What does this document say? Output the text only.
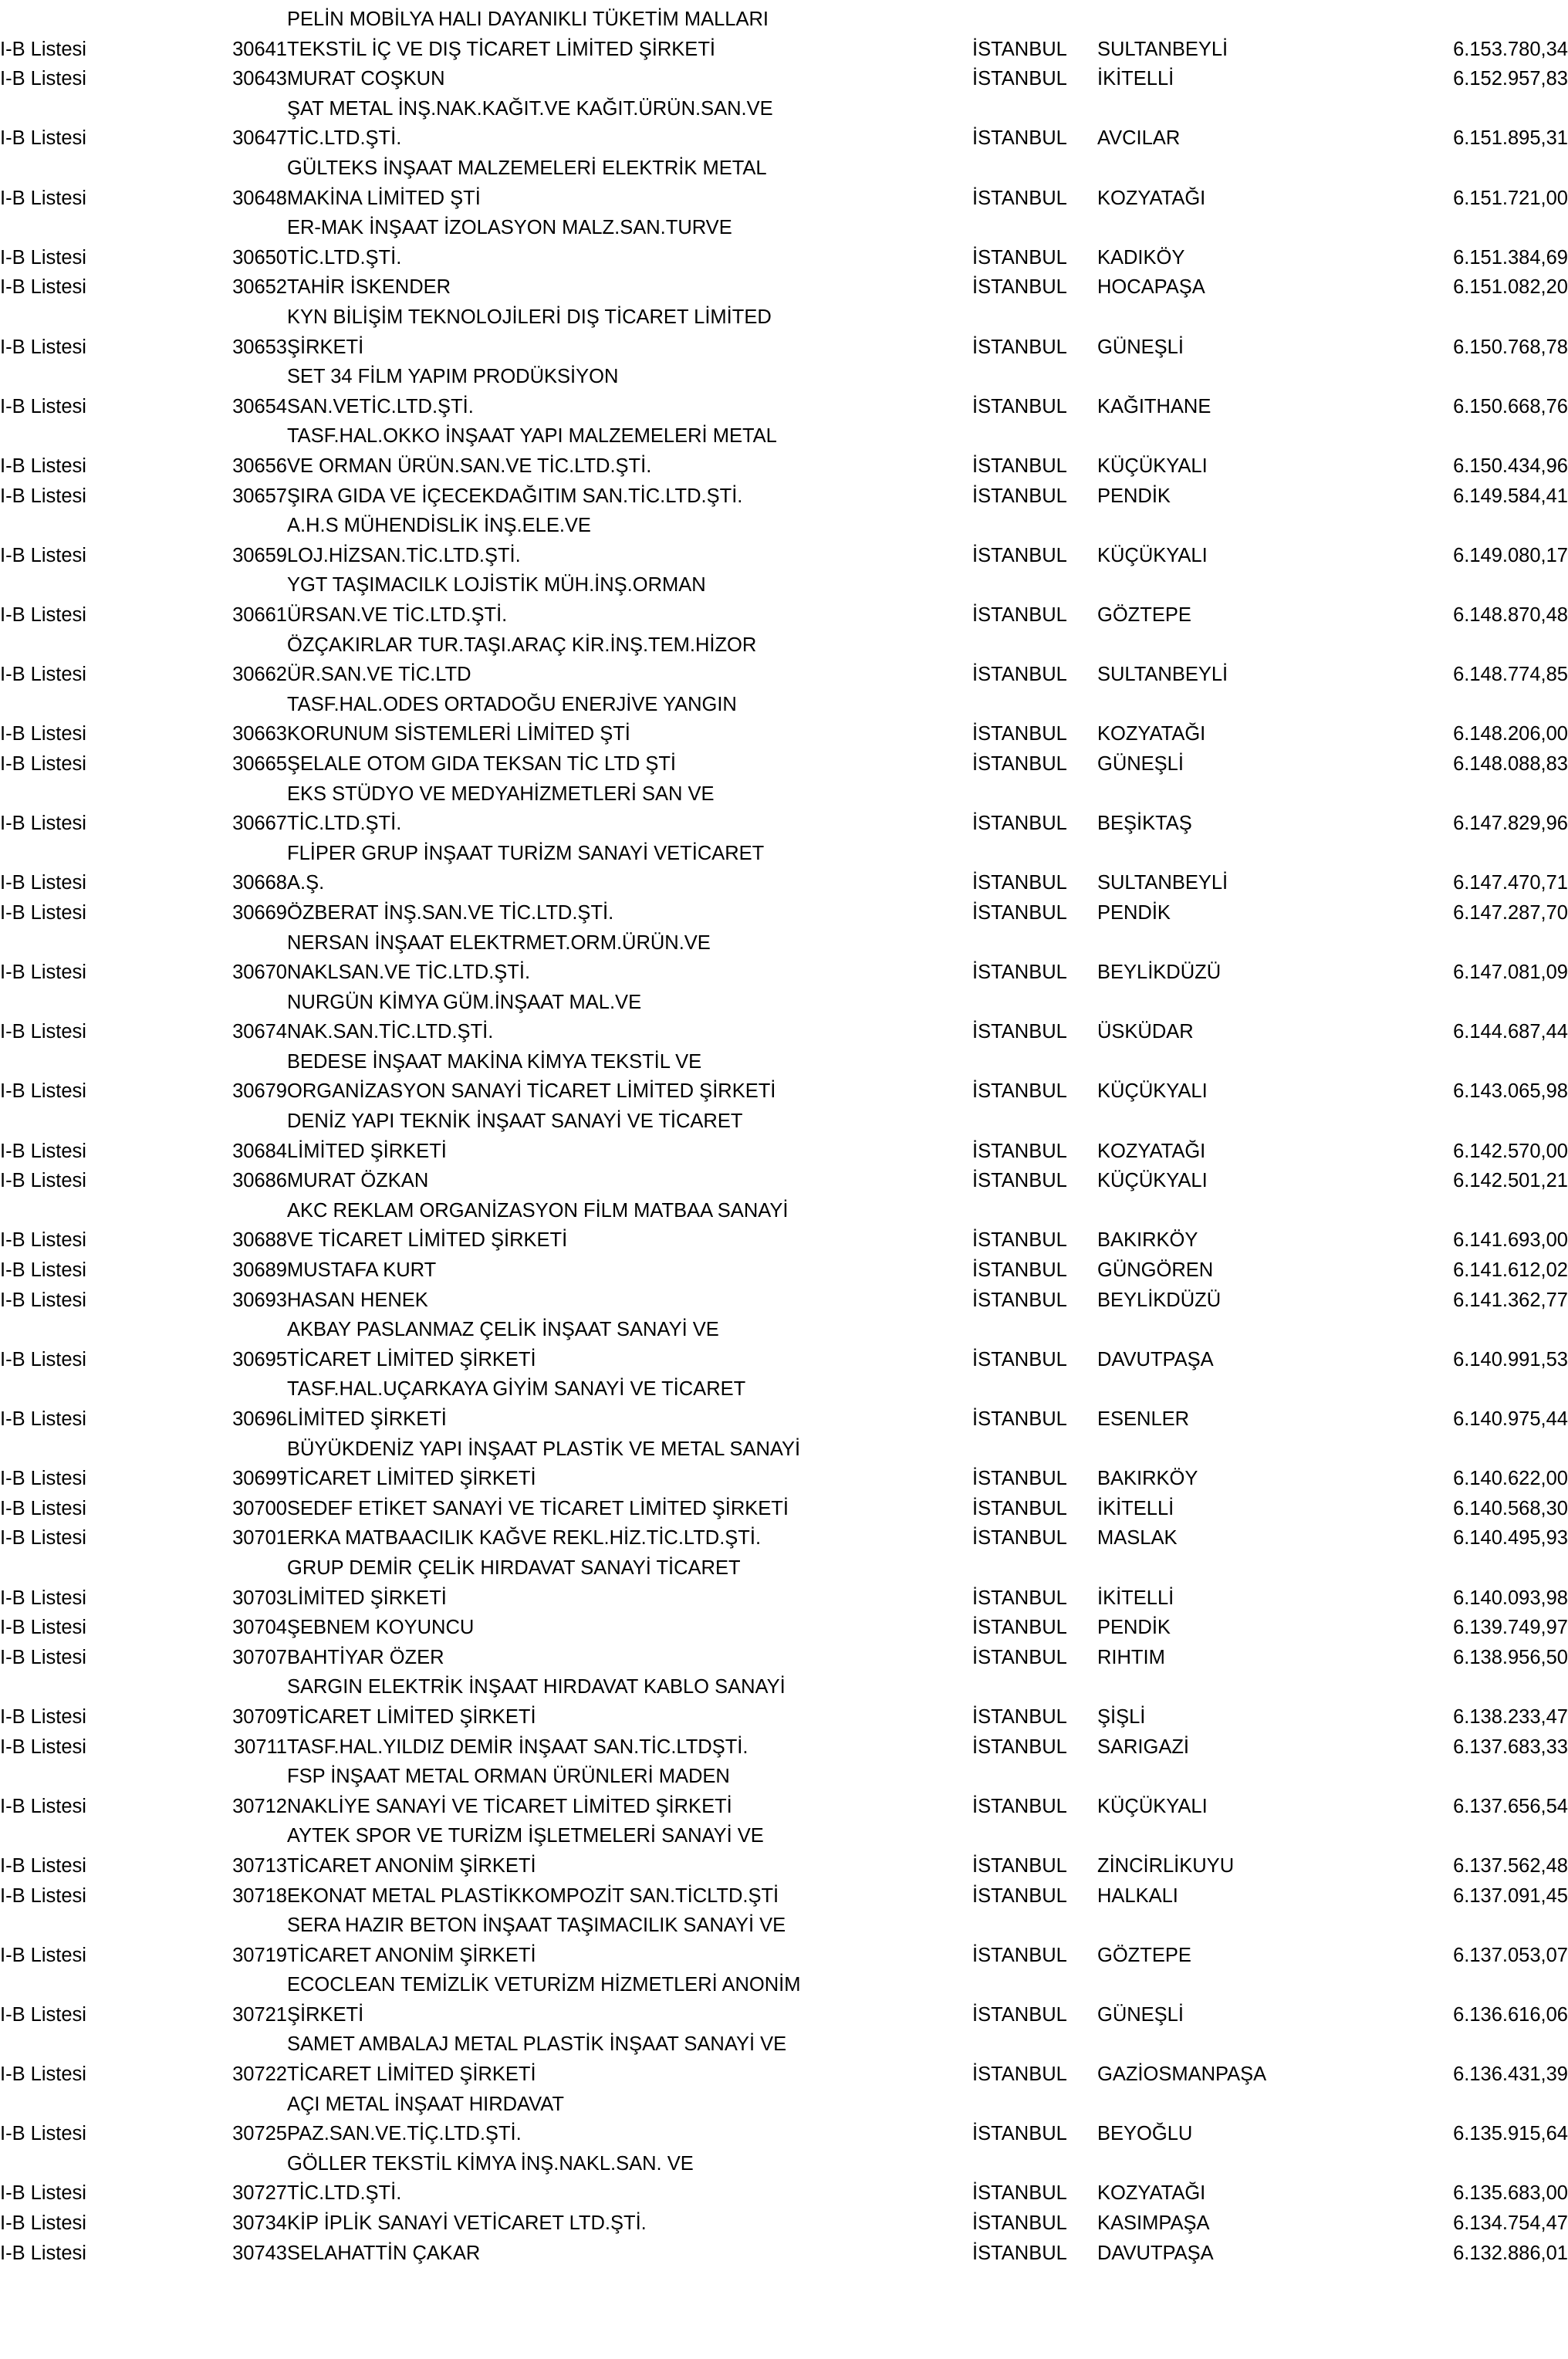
		PELİN MOBİLYA HALI DAYANIKLI TÜKETİM MALLARI			
I-B Listesi	30641	TEKSTİL İÇ VE DIŞ TİCARET LİMİTED ŞİRKETİ	İSTANBUL	SULTANBEYLİ	6.153.780,34
I-B Listesi	30643	MURAT COŞKUN	İSTANBUL	İKİTELLİ	6.152.957,83
		ŞAT METAL İNŞ.NAK.KAĞIT.VE KAĞIT.ÜRÜN.SAN.VE			
I-B Listesi	30647	TİC.LTD.ŞTİ.	İSTANBUL	AVCILAR	6.151.895,31
		GÜLTEKS İNŞAAT MALZEMELERİ ELEKTRİK METAL			
I-B Listesi	30648	MAKİNA LİMİTED ŞTİ	İSTANBUL	KOZYATAĞI	6.151.721,00
		ER-MAK İNŞAAT İZOLASYON MALZ.SAN.TURVE			
I-B Listesi	30650	TİC.LTD.ŞTİ.	İSTANBUL	KADIKÖY	6.151.384,69
I-B Listesi	30652	TAHİR İSKENDER	İSTANBUL	HOCAPAŞA	6.151.082,20
		KYN BİLİŞİM TEKNOLOJİLERİ DIŞ TİCARET LİMİTED			
I-B Listesi	30653	ŞİRKETİ	İSTANBUL	GÜNEŞLİ	6.150.768,78
		SET 34 FİLM YAPIM PRODÜKSİYON			
I-B Listesi	30654	SAN.VETİC.LTD.ŞTİ.	İSTANBUL	KAĞITHANE	6.150.668,76
		TASF.HAL.OKKO İNŞAAT YAPI MALZEMELERİ METAL			
I-B Listesi	30656	VE ORMAN ÜRÜN.SAN.VE TİC.LTD.ŞTİ.	İSTANBUL	KÜÇÜKYALI	6.150.434,96
I-B Listesi	30657	ŞIRA GIDA VE İÇECEKDAĞITIM SAN.TİC.LTD.ŞTİ.	İSTANBUL	PENDİK	6.149.584,41
		A.H.S MÜHENDİSLİK İNŞ.ELE.VE			
I-B Listesi	30659	LOJ.HİZSAN.TİC.LTD.ŞTİ.	İSTANBUL	KÜÇÜKYALI	6.149.080,17
		YGT TAŞIMACILK LOJİSTİK MÜH.İNŞ.ORMAN			
I-B Listesi	30661	ÜRSAN.VE TİC.LTD.ŞTİ.	İSTANBUL	GÖZTEPE	6.148.870,48
		ÖZÇAKIRLAR TUR.TAŞI.ARAÇ KİR.İNŞ.TEM.HİZOR			
I-B Listesi	30662	ÜR.SAN.VE TİC.LTD	İSTANBUL	SULTANBEYLİ	6.148.774,85
		TASF.HAL.ODES ORTADOĞU ENERJİVE YANGIN			
I-B Listesi	30663	KORUNUM SİSTEMLERİ LİMİTED ŞTİ	İSTANBUL	KOZYATAĞI	6.148.206,00
I-B Listesi	30665	ŞELALE OTOM GIDA TEKSAN TİC LTD ŞTİ	İSTANBUL	GÜNEŞLİ	6.148.088,83
		EKS STÜDYO VE MEDYAHİZMETLERİ SAN VE			
I-B Listesi	30667	TİC.LTD.ŞTİ.	İSTANBUL	BEŞİKTAŞ	6.147.829,96
		FLİPER GRUP İNŞAAT TURİZM SANAYİ VETİCARET			
I-B Listesi	30668	A.Ş.	İSTANBUL	SULTANBEYLİ	6.147.470,71
I-B Listesi	30669	ÖZBERAT İNŞ.SAN.VE TİC.LTD.ŞTİ.	İSTANBUL	PENDİK	6.147.287,70
		NERSAN İNŞAAT ELEKTRMET.ORM.ÜRÜN.VE			
I-B Listesi	30670	NAKLSAN.VE TİC.LTD.ŞTİ.	İSTANBUL	BEYLİKDÜZÜ	6.147.081,09
		NURGÜN KİMYA GÜM.İNŞAAT MAL.VE			
I-B Listesi	30674	NAK.SAN.TİC.LTD.ŞTİ.	İSTANBUL	ÜSKÜDAR	6.144.687,44
		BEDESE İNŞAAT MAKİNA KİMYA TEKSTİL VE			
I-B Listesi	30679	ORGANİZASYON SANAYİ TİCARET LİMİTED ŞİRKETİ	İSTANBUL	KÜÇÜKYALI	6.143.065,98
		DENİZ YAPI TEKNİK İNŞAAT SANAYİ VE TİCARET			
I-B Listesi	30684	LİMİTED ŞİRKETİ	İSTANBUL	KOZYATAĞI	6.142.570,00
I-B Listesi	30686	MURAT ÖZKAN	İSTANBUL	KÜÇÜKYALI	6.142.501,21
		AKC REKLAM ORGANİZASYON FİLM MATBAA SANAYİ			
I-B Listesi	30688	VE TİCARET LİMİTED ŞİRKETİ	İSTANBUL	BAKIRKÖY	6.141.693,00
I-B Listesi	30689	MUSTAFA KURT	İSTANBUL	GÜNGÖREN	6.141.612,02
I-B Listesi	30693	HASAN HENEK	İSTANBUL	BEYLİKDÜZÜ	6.141.362,77
		AKBAY PASLANMAZ ÇELİK İNŞAAT SANAYİ VE			
I-B Listesi	30695	TİCARET LİMİTED ŞİRKETİ	İSTANBUL	DAVUTPAŞA	6.140.991,53
		TASF.HAL.UÇARKAYA GİYİM SANAYİ VE TİCARET			
I-B Listesi	30696	LİMİTED ŞİRKETİ	İSTANBUL	ESENLER	6.140.975,44
		BÜYÜKDENİZ YAPI İNŞAAT PLASTİK VE METAL SANAYİ			
I-B Listesi	30699	TİCARET LİMİTED ŞİRKETİ	İSTANBUL	BAKIRKÖY	6.140.622,00
I-B Listesi	30700	SEDEF ETİKET SANAYİ VE TİCARET LİMİTED ŞİRKETİ	İSTANBUL	İKİTELLİ	6.140.568,30
I-B Listesi	30701	ERKA MATBAACILIK KAĞVE REKL.HİZ.TİC.LTD.ŞTİ.	İSTANBUL	MASLAK	6.140.495,93
		GRUP DEMİR ÇELİK HIRDAVAT SANAYİ TİCARET			
I-B Listesi	30703	LİMİTED ŞİRKETİ	İSTANBUL	İKİTELLİ	6.140.093,98
I-B Listesi	30704	ŞEBNEM KOYUNCU	İSTANBUL	PENDİK	6.139.749,97
I-B Listesi	30707	BAHTİYAR ÖZER	İSTANBUL	RIHTIM	6.138.956,50
		SARGIN ELEKTRİK İNŞAAT HIRDAVAT KABLO SANAYİ			
I-B Listesi	30709	TİCARET LİMİTED ŞİRKETİ	İSTANBUL	ŞİŞLİ	6.138.233,47
I-B Listesi	30711	TASF.HAL.YILDIZ DEMİR İNŞAAT SAN.TİC.LTDŞTİ.	İSTANBUL	SARIGAZİ	6.137.683,33
		FSP İNŞAAT METAL ORMAN ÜRÜNLERİ MADEN			
I-B Listesi	30712	NAKLİYE SANAYİ VE TİCARET LİMİTED ŞİRKETİ	İSTANBUL	KÜÇÜKYALI	6.137.656,54
		AYTEK SPOR VE TURİZM İŞLETMELERİ SANAYİ VE			
I-B Listesi	30713	TİCARET ANONİM ŞİRKETİ	İSTANBUL	ZİNCİRLİKUYU	6.137.562,48
I-B Listesi	30718	EKONAT METAL PLASTİKKOMPOZİT SAN.TİCLTD.ŞTİ	İSTANBUL	HALKALI	6.137.091,45
		SERA HAZIR BETON İNŞAAT TAŞIMACILIK SANAYİ VE			
I-B Listesi	30719	TİCARET ANONİM ŞİRKETİ	İSTANBUL	GÖZTEPE	6.137.053,07
		ECOCLEAN TEMİZLİK VETURİZM HİZMETLERİ ANONİM			
I-B Listesi	30721	ŞİRKETİ	İSTANBUL	GÜNEŞLİ	6.136.616,06
		SAMET AMBALAJ METAL PLASTİK İNŞAAT SANAYİ VE			
I-B Listesi	30722	TİCARET LİMİTED ŞİRKETİ	İSTANBUL	GAZİOSMANPAŞA	6.136.431,39
		AÇI METAL İNŞAAT HIRDAVAT			
I-B Listesi	30725	PAZ.SAN.VE.TİÇ.LTD.ŞTİ.	İSTANBUL	BEYOĞLU	6.135.915,64
		GÖLLER TEKSTİL KİMYA İNŞ.NAKL.SAN. VE			
I-B Listesi	30727	TİC.LTD.ŞTİ.	İSTANBUL	KOZYATAĞI	6.135.683,00
I-B Listesi	30734	KİP İPLİK SANAYİ VETİCARET LTD.ŞTİ.	İSTANBUL	KASIMPAŞA	6.134.754,47
I-B Listesi	30743	SELAHATTİN ÇAKAR	İSTANBUL	DAVUTPAŞA	6.132.886,01
